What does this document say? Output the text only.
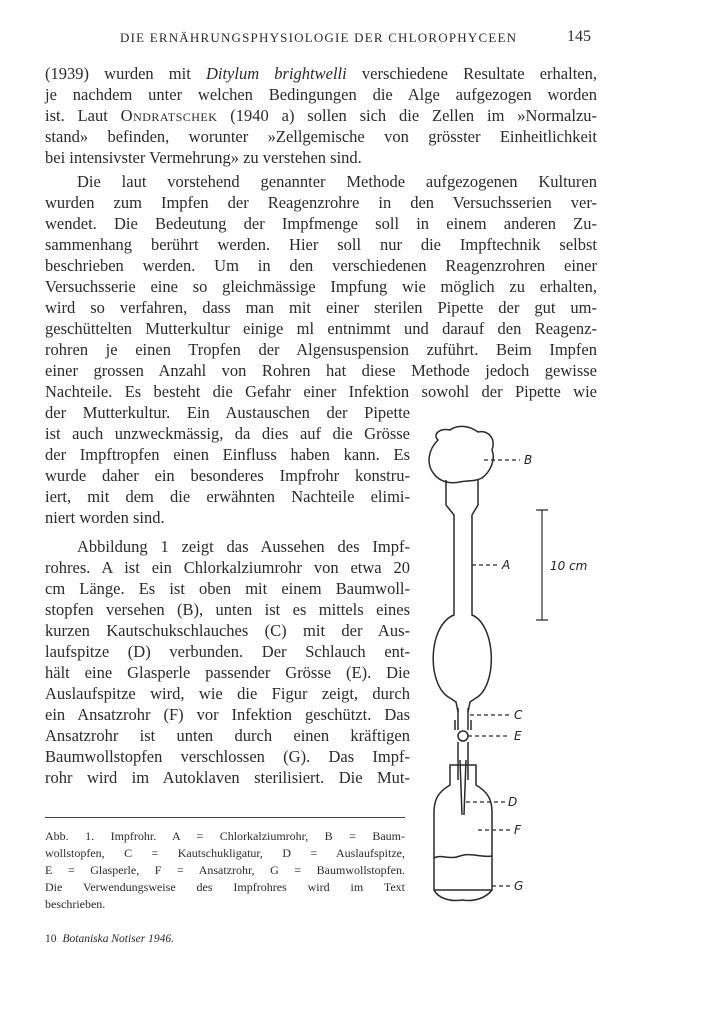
DIE ERNÄHRUNGSPHYSIOLOGIE DER CHLOROPHYCEEN	145
(1939) wurden mit Ditylum brightwelli verschiedene Resultate erhalten,
je nachdem unter welchen Bedingungen die Alge aufgezogen worden
ist. Laut Ondratschek (1940 a) sollen sich die Zellen im »Normalzu-
stand» befinden, worunter »Zellgemische von grösster Einheitlichkeit
bei intensivster Vermehrung» zu verstehen sind.
Die laut vorstehend genannter Methode aufgezogenen Kulturen
wurden zum Impfen der Reagenzrohre in den Versuchsserien ver-
wendet. Die Bedeutung der Impfmenge soll in einem anderen Zu-
sammenhang berührt werden. Hier soll nur die Impftechnik selbst
beschrieben werden. Um in den verschiedenen Reagenzrohren einer
Versuchsserie eine so gleichmässige Impfung wie möglich zu erhalten,
wird so verfahren, dass man mit einer sterilen Pipette der gut um-
geschüttelten Mutterkultur einige ml entnimmt und darauf den Reagenz-
rohren je einen Tropfen der Algensuspension zuführt. Beim Impfen
einer grossen Anzahl von Rohren hat diese Methode jedoch gewisse
Nachteile. Es besteht die Gefahr einer Infektion sowohl der Pipette wie
der Mutterkultur. Ein Austauschen der Pipette
ist auch unzweckmässig, da dies auf die Grösse
der Impftropfen einen Einfluss haben kann. Es
wurde daher ein besonderes Impfrohr konstru-
iert, mit dem die erwähnten Nachteile elimi-
niert worden sind.
Abbildung 1 zeigt das Aussehen des Impf-
rohres. A ist ein Chlorkalziumrohr von etwa 20
cm Länge. Es ist oben mit einem Baumwoll-
stopfen versehen (B), unten ist es mittels eines
kurzen Kautschukschlauches (C) mit der Aus-
laufspitze (D) verbunden. Der Schlauch ent-
hält eine Glasperle passender Grösse (E). Die
Auslaufspitze wird, wie die Figur zeigt, durch
ein Ansatzrohr (F) vor Infektion geschützt. Das
Ansatzrohr ist unten durch einen kräftigen
Baumwollstopfen verschlossen (G). Das Impf-
rohr wird im Autoklaven sterilisiert. Die Mut-
Abb. 1. Impfrohr. A = Chlorkalziumrohr, B = Baum-
wollstopfen, C = Kautschukligatur, D = Auslaufspitze,
E = Glasperle, F = Ansatzrohr, G = Baumwollstopfen.
Die Verwendungsweise des Impfrohres wird im Text
beschrieben.
10 Botaniska Notiser 1946.
B
A	10 cm
C
E
D
F
G
